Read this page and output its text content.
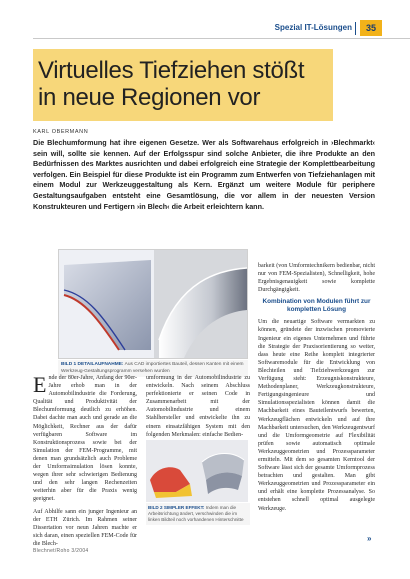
Spezial IT-Lösungen	35
Virtuelles Tiefziehen stößt
in neue Regionen vor
KARL OBERMANN
Die Blechumformung hat ihre eigenen Gesetze. Wer als Softwarehaus erfolgreich in ›Blechmarkt‹ sein will, sollte sie kennen. Auf der Erfolgsspur sind solche Anbieter, die ihre Produkte an den Bedürfnissen des Marktes ausrichten und dabei erfolgreich eine Strategie der Komplettbearbeitung verfolgen. Ein Beispiel für diese Produkte ist ein Programm zum Entwerfen von Tiefziehanlagen mit einem Modul zur Werkzeuggestaltung als Kern. Ergänzt um weitere Module für periphere Gestaltungsaufgaben entsteht eine Gesamtlösung, die vor allem in der neuesten Version Konstrukteuren und Fertigern ›in Blech‹ die Arbeit erleichtern kann.
BILD 1 DETAILAUFNAHME: Aus CAD importiertes Bauteil, dessen Kanten mit einem Werkzeug-Gestaltungsprogramm versehen wurden

Ende der 80er-Jahre, Anfang der 90er-Jahre erhob man in der Automobilindustrie die Forderung, Qualität und Produktivität der Blechumformung deutlich zu erhöhen. Dabei dachte man auch und gerade an die Möglichkeit, Rechner aus der dafür verfügbaren Software im Konstruktionsprozess sowie bei der Simulation der FEM-Programme, mit denen man grundsätzlich auch Probleme der Umformsimulation lösen konnte, wegen ihrer sehr schwierigen Bedienung und den sehr langen Rechenzeiten weiterhin aber für die Praxis wenig geeignet.

Auf Abhilfe sann ein junger Ingenieur an der ETH Zürich. Im Rahmen seiner Dissertation vor neun Jahren machte er sich daran, einen speziellen FEM-Code für die Blech-

umformung in der Automobilindustrie zu entwickeln. Nach seinem Abschluss perfektionierte er seinen Code in Zusammenarbeit mit der Automobilindustrie und einem Stahlhersteller und entwickelte ihn zu einem einsatzfähigen System mit den folgenden Merkmalen: einfache Bedien-

BILD 2 SIMPLER EFFEKT: Indem man die Arbeitsrichtung ändert, verschwinden die im linken Bildteil noch vorhandenen Hinterschnitte

barkeit (von Umformtechnikern bedienbar, nicht nur von FEM-Spezialisten), Schnelligkeit, hohe Ergebnisgenauigkeit sowie komplette Durchgängigkeit.

Kombination von Modulen führt zur kompletten Lösung

Um die neuartige Software vermarkten zu können, gründete der inzwischen promovierte Ingenieur ein eigenes Unternehmen und führte die Strategie der Praxisorientierung so weiter, dass heute eine Reihe komplett integrierter Softwaremodule für die Entwicklung von Blechteilen und Tiefziehwerkzeugen zur Verfügung steht: Erzeugniskonstrukteure, Methodenplaner, Werkzeugkonstrukteure, Fertigungsingenieure und Simulationsspezialisten können damit die Machbarkeit eines Bauteilentwurfs bewerten, Werkzeugflächen entwickeln und auf ihre Machbarkeit untersuchen, den Werkzeugentwurf und die Umformgeometrie auf Flexibilität prüfen sowie automatisch optimale Werkzeuggeometrien und Prozessparameter ermitteln. Mit dem so gesamten Kerntool der Software lässt sich der gesamte Umformprozess betrachten und gestalten. Man gibt Werkzeuggeometrien und Prozessparameter ein und erhält eine komplette Prozessanalyse. So entstehen schnell optimal ausgelegte Werkzeuge.

»
Blechnet/Roho 3/2004
